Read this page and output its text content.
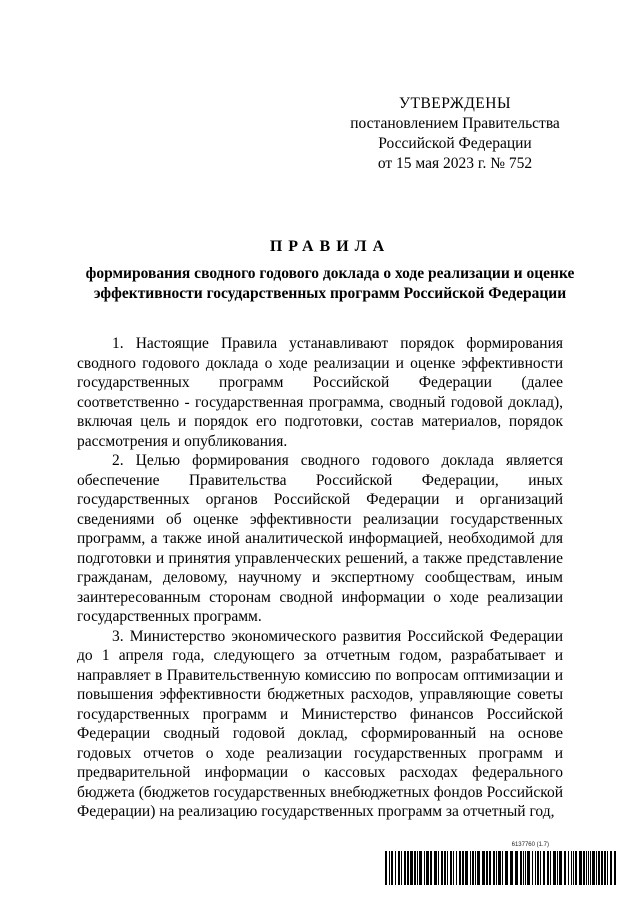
УТВЕРЖДЕНЫ
постановлением Правительства
Российской Федерации
от 15 мая 2023 г. № 752
ПРАВИЛА
формирования сводного годового доклада о ходе реализации и оценке эффективности государственных программ Российской Федерации

1. Настоящие Правила устанавливают порядок формирования сводного годового доклада о ходе реализации и оценке эффективности государственных программ Российской Федерации (далее соответственно - государственная программа, сводный годовой доклад), включая цель и порядок его подготовки, состав материалов, порядок рассмотрения и опубликования.

2. Целью формирования сводного годового доклада является обеспечение Правительства Российской Федерации, иных государственных органов Российской Федерации и организаций сведениями об оценке эффективности реализации государственных программ, а также иной аналитической информацией, необходимой для подготовки и принятия управленческих решений, а также представление гражданам, деловому, научному и экспертному сообществам, иным заинтересованным сторонам сводной информации о ходе реализации государственных программ.

3. Министерство экономического развития Российской Федерации до 1 апреля года, следующего за отчетным годом, разрабатывает и направляет в Правительственную комиссию по вопросам оптимизации и повышения эффективности бюджетных расходов, управляющие советы государственных программ и Министерство финансов Российской Федерации сводный годовой доклад, сформированный на основе годовых отчетов о ходе реализации государственных программ и предварительной информации о кассовых расходах федерального бюджета (бюджетов государственных внебюджетных фондов Российской Федерации) на реализацию государственных программ за отчетный год,

6137760 (1.7)
